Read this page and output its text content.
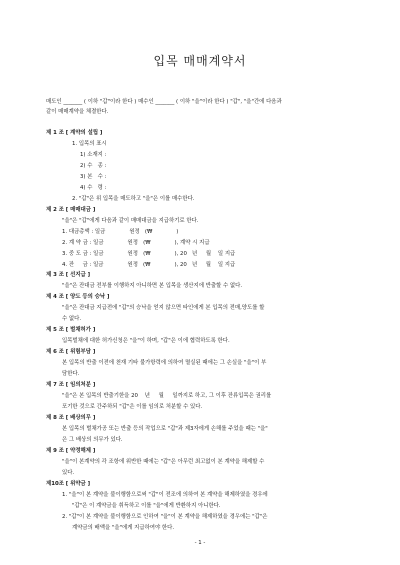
입목 매매계약서
매도인 _______ ( 이하 "갑"이라 한다 ) 매수인 _______ ( 이하 "을"이라 한다 ) "갑", "을"간에 다음과
같이 매매계약을 체결한다.
제 1 조 [ 계약의 설립 ]
1. 입목의 표시
1) 소재지 :
2) 수   종 :
3) 본   수 :
4) 수   령 :
2. "갑"은 위 입목을 매도하고 "을"은 이를 매수한다.
제 2 조 [ 매매대금 ]
"을"은 "갑"에게 다음과 같이 매매대금을 지급하기로 한다.
1. 대금총액 : 일금              원정   (₩              )
2. 계 약 금 : 일금              원정   (₩              ), 계약 시 지급
3. 중 도 금 : 일금              원정   (₩              ), 20   년     월    일 지급
4. 잔     금 : 일금              원정   (₩              ), 20   년     월    일 지급
제 3 조 [ 선지급 ]
"을"은 잔대금 전부를 이행하지 아니하면 본 입목을 생산지에 반출할 수 없다.
제 4 조 [ 양도 등의 승낙 ]
"을"은 잔대금 지급전에 "갑"의 승낙을 얻지 않으면 타인에게 본 입목의 전매,양도를 할
수 없다.
제 5 조 [ 벌채허가 ]
입목벌채에 대한 허가신청은 "을"이 하며, "갑"은 이에 협력하도록 한다.
제 6 조 [ 위험부담 ]
본 입목의 반출 이전에 천재 기타 불가항력에 의하여 멸실된 때에는 그 손실을 "을"이 부
담한다.
제 7 조 [ 임의처분 ]
"을"은 본 입목의 반출기한을 20    년     월     일까지로 하고, 그 이후 잔류입목은 권리를
포기한 것으로 간주하되 "갑"은 이를 임의로 처분할 수 있다.
제 8 조 [ 배상의무 ]
본 입목의 벌채가공 또는 반출 등의 작업으로 "갑"과 제3자에게 손해를 주었을 때는 "을"
은 그 배상의 의무가 있다.
제 9 조 [ 약정해제 ]
"을"이 본계약의 각 조항에 위반한 때에는 "갑"은 아무런 최고없이 본 계약을 해제할 수
있다.
제10조 [ 위약금 ]
1. "을"이 본 계약을 불이행함으로써 "갑"이 전조에 의하여 본 계약을 해제하였을 경우에
"갑"은 이 계약금을 취득하고 이를 "을"에게 반환하지 아니한다.
2. "갑"이 본 계약을 불이행함으로 인하여 "을"이 본 계약을 해제하였을 경우에는 "갑"은
계약금의 배액을 "을"에게 지급하여야 한다.
- 1 -
